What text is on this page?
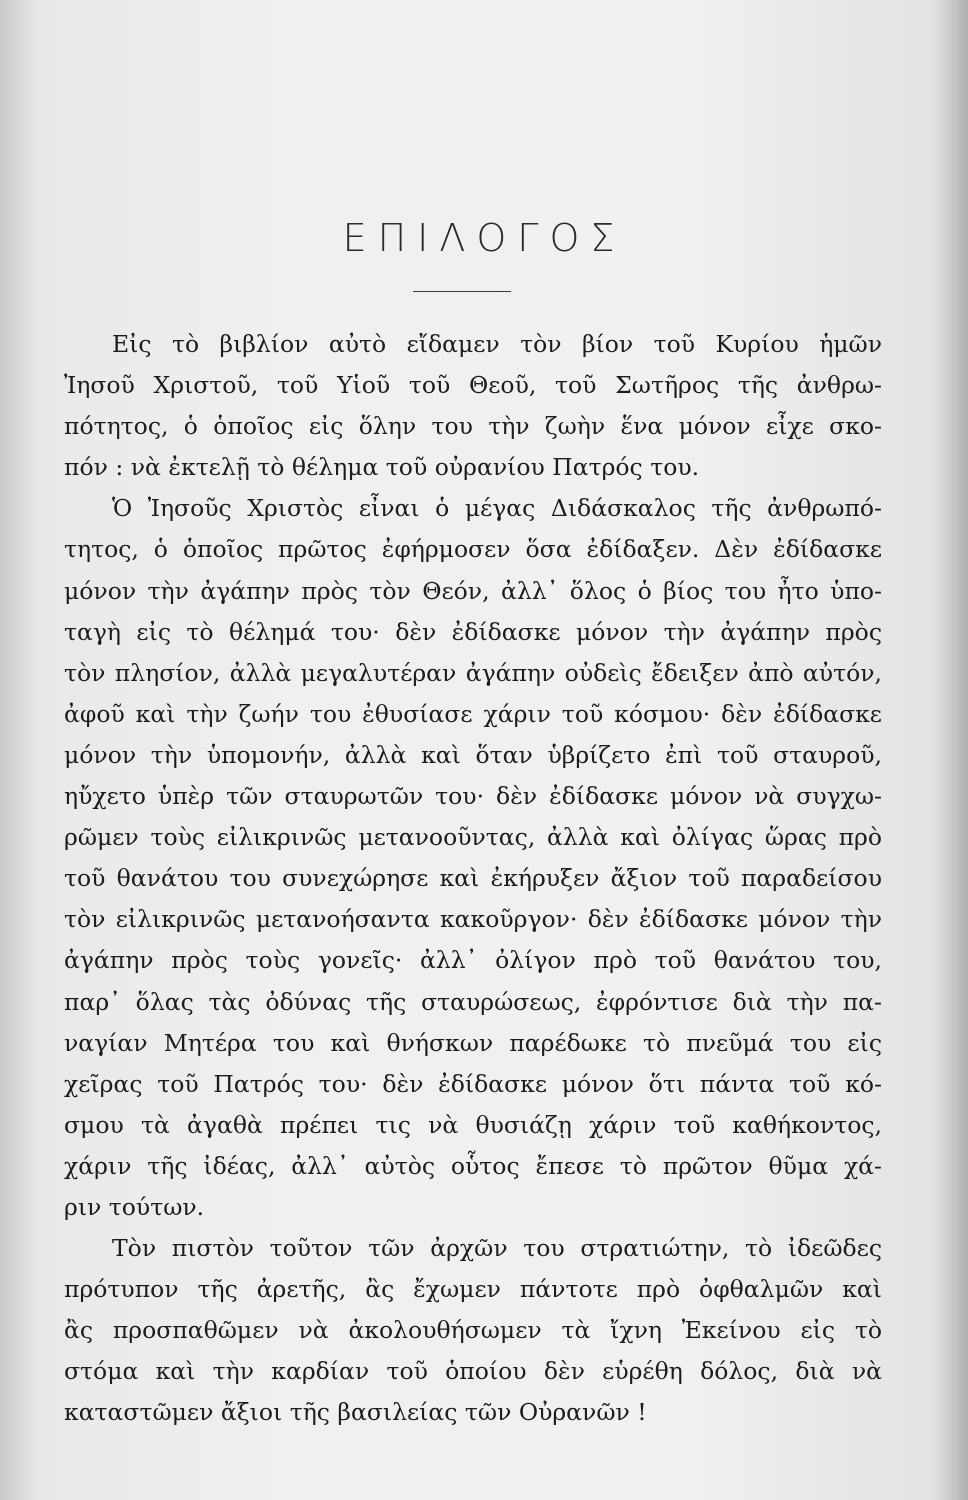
ΕΠΙΛΟΓΟΣ
Εἰς τὸ βιβλίον αὐτὸ εἴδαμεν τὸν βίον τοῦ Κυρίου ἡμῶν
Ἰησοῦ Χριστοῦ, τοῦ Υἱοῦ τοῦ Θεοῦ, τοῦ Σωτῆρος τῆς ἀνθρω-
πότητος, ὁ ὁποῖος εἰς ὅλην του τὴν ζωὴν ἕνα μόνον εἶχε σκο-
πόν : νὰ ἐκτελῇ τὸ θέλημα τοῦ οὐρανίου Πατρός του.
Ὁ Ἰησοῦς Χριστὸς εἶναι ὁ μέγας Διδάσκαλος τῆς ἀνθρωπό-
τητος, ὁ ὁποῖος πρῶτος ἐφήρμοσεν ὅσα ἐδίδαξεν. Δὲν ἐδίδασκε
μόνον τὴν ἀγάπην πρὸς τὸν Θεόν, ἀλλ᾽ ὅλος ὁ βίος του ἦτο ὑπο-
ταγὴ εἰς τὸ θέλημά του· δὲν ἐδίδασκε μόνον τὴν ἀγάπην πρὸς
τὸν πλησίον, ἀλλὰ μεγαλυτέραν ἀγάπην οὐδεὶς ἔδειξεν ἀπὸ αὐτόν,
ἀφοῦ καὶ τὴν ζωήν του ἐθυσίασε χάριν τοῦ κόσμου· δὲν ἐδίδασκε
μόνον τὴν ὑπομονήν, ἀλλὰ καὶ ὅταν ὑβρίζετο ἐπὶ τοῦ σταυροῦ,
ηὔχετο ὑπὲρ τῶν σταυρωτῶν του· δὲν ἐδίδασκε μόνον νὰ συγχω-
ρῶμεν τοὺς εἰλικρινῶς μετανοοῦντας, ἀλλὰ καὶ ὀλίγας ὥρας πρὸ
τοῦ θανάτου του συνεχώρησε καὶ ἐκήρυξεν ἄξιον τοῦ παραδείσου
τὸν εἰλικρινῶς μετανοήσαντα κακοῦργον· δὲν ἐδίδασκε μόνον τὴν
ἀγάπην πρὸς τοὺς γονεῖς· ἀλλ᾽ ὀλίγον πρὸ τοῦ θανάτου του,
παρ᾽ ὅλας τὰς ὀδύνας τῆς σταυρώσεως, ἐφρόντισε διὰ τὴν πα-
ναγίαν Μητέρα του καὶ θνήσκων παρέδωκε τὸ πνεῦμά του εἰς
χεῖρας τοῦ Πατρός του· δὲν ἐδίδασκε μόνον ὅτι πάντα τοῦ κό-
σμου τὰ ἀγαθὰ πρέπει τις νὰ θυσιάζῃ χάριν τοῦ καθήκοντος,
χάριν τῆς ἰδέας, ἀλλ᾽ αὐτὸς οὗτος ἔπεσε τὸ πρῶτον θῦμα χά-
ριν τούτων.
Τὸν πιστὸν τοῦτον τῶν ἀρχῶν του στρατιώτην, τὸ ἰδεῶδες
πρότυπον τῆς ἀρετῆς, ἂς ἔχωμεν πάντοτε πρὸ ὀφθαλμῶν καὶ
ἂς προσπαθῶμεν νὰ ἀκολουθήσωμεν τὰ ἴχνη Ἐκείνου εἰς τὸ
στόμα καὶ τὴν καρδίαν τοῦ ὁποίου δὲν εὑρέθη δόλος, διὰ νὰ
καταστῶμεν ἄξιοι τῆς βασιλείας τῶν Οὐρανῶν !
